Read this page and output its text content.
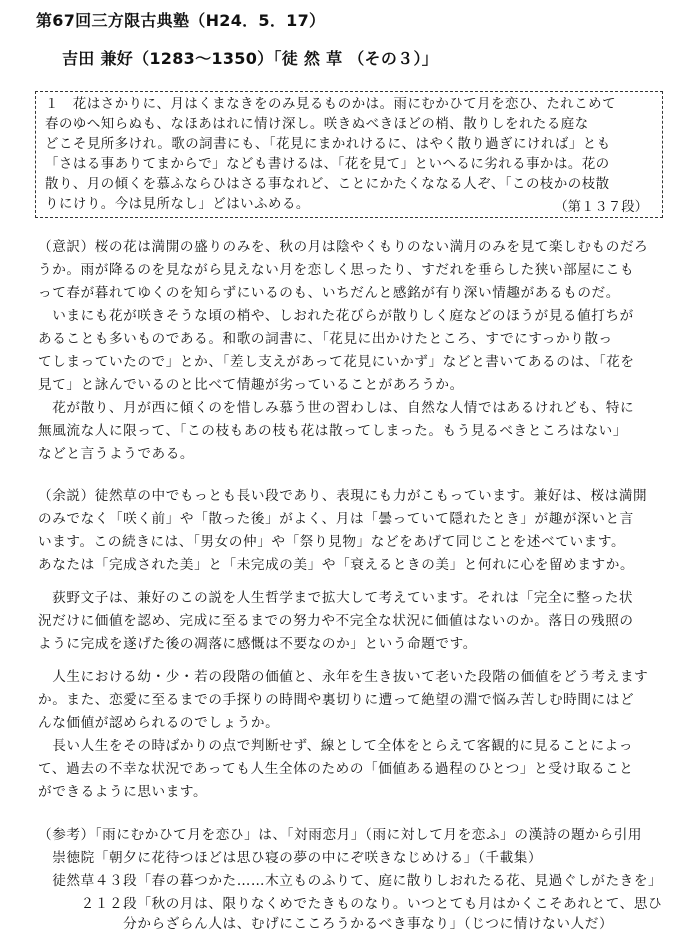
第67回三方限古典塾（H24．5．17）
吉田 兼好（1283〜1350）「徒 然 草 （その３）」
１　花はさかりに、月はくまなきをのみ見るものかは。雨にむかひて月を恋ひ、たれこめて
春のゆへ知らぬも、なほあはれに情け深し。咲きぬべきほどの梢、散りしをれたる庭な
どこそ見所多けれ。歌の詞書にも、「花見にまかれけるに、はやく散り過ぎにければ」とも
「さはる事ありてまからで」なども書けるは、「花を見て」といへるに劣れる事かは。花の
散り、月の傾くを慕ふならひはさる事なれど、ことにかたくななる人ぞ、「この枝かの枝散
りにけり。今は見所なし」どはいふめる。	（第１３７段）
（意訳）桜の花は満開の盛りのみを、秋の月は陰やくもりのない満月のみを見て楽しむものだろ
うか。雨が降るのを見ながら見えない月を恋しく思ったり、すだれを垂らした狭い部屋にこも
って春が暮れてゆくのを知らずにいるのも、いちだんと感銘が有り深い情趣があるものだ。
　いまにも花が咲きそうな頃の梢や、しおれた花びらが散りしく庭などのほうが見る値打ちが
あることも多いものである。和歌の詞書に、「花見に出かけたところ、すでにすっかり散っ
てしまっていたので」とか、「差し支えがあって花見にいかず」などと書いてあるのは、「花を
見て」と詠んでいるのと比べて情趣が劣っていることがあろうか。
　花が散り、月が西に傾くのを惜しみ慕う世の習わしは、自然な人情ではあるけれども、特に
無風流な人に限って、「この枝もあの枝も花は散ってしまった。もう見るべきところはない」
などと言うようである。
（余説）徒然草の中でもっとも長い段であり、表現にも力がこもっています。兼好は、桜は満開
のみでなく「咲く前」や「散った後」がよく、月は「曇っていて隠れたとき」が趣が深いと言
います。この続きには、「男女の仲」や「祭り見物」などをあげて同じことを述べています。
あなたは「完成された美」と「未完成の美」や「衰えるときの美」と何れに心を留めますか。
　荻野文子は、兼好のこの説を人生哲学まで拡大して考えています。それは「完全に整った状
況だけに価値を認め、完成に至るまでの努力や不完全な状況に価値はないのか。落日の残照の
ように完成を遂げた後の凋落に感慨は不要なのか」という命題です。
　人生における幼・少・若の段階の価値と、永年を生き抜いて老いた段階の価値をどう考えます
か。また、恋愛に至るまでの手探りの時間や裏切りに遭って絶望の淵で悩み苦しむ時間にはど
んな価値が認められるのでしょうか。
　長い人生をその時ばかりの点で判断せず、線として全体をとらえて客観的に見ることによっ
て、過去の不幸な状況であっても人生全体のための「価値ある過程のひとつ」と受け取ること
ができるように思います。
（参考）「雨にむかひて月を恋ひ」は、「対雨恋月」（雨に対して月を恋ふ」の漢詩の題から引用
　崇徳院「朝夕に花待つほどは思ひ寝の夢の中にぞ咲きなじめける」（千載集）
　徒然草４３段「春の暮つかた……木立ものふりて、庭に散りしおれたる花、見過ぐしがたきを」
　　　２１２段「秋の月は、限りなくめでたきものなり。いつとても月はかくこそあれとて、思ひ
　　　　　　分からざらん人は、むげにこころうかるべき事なり」（じつに情けない人だ）
